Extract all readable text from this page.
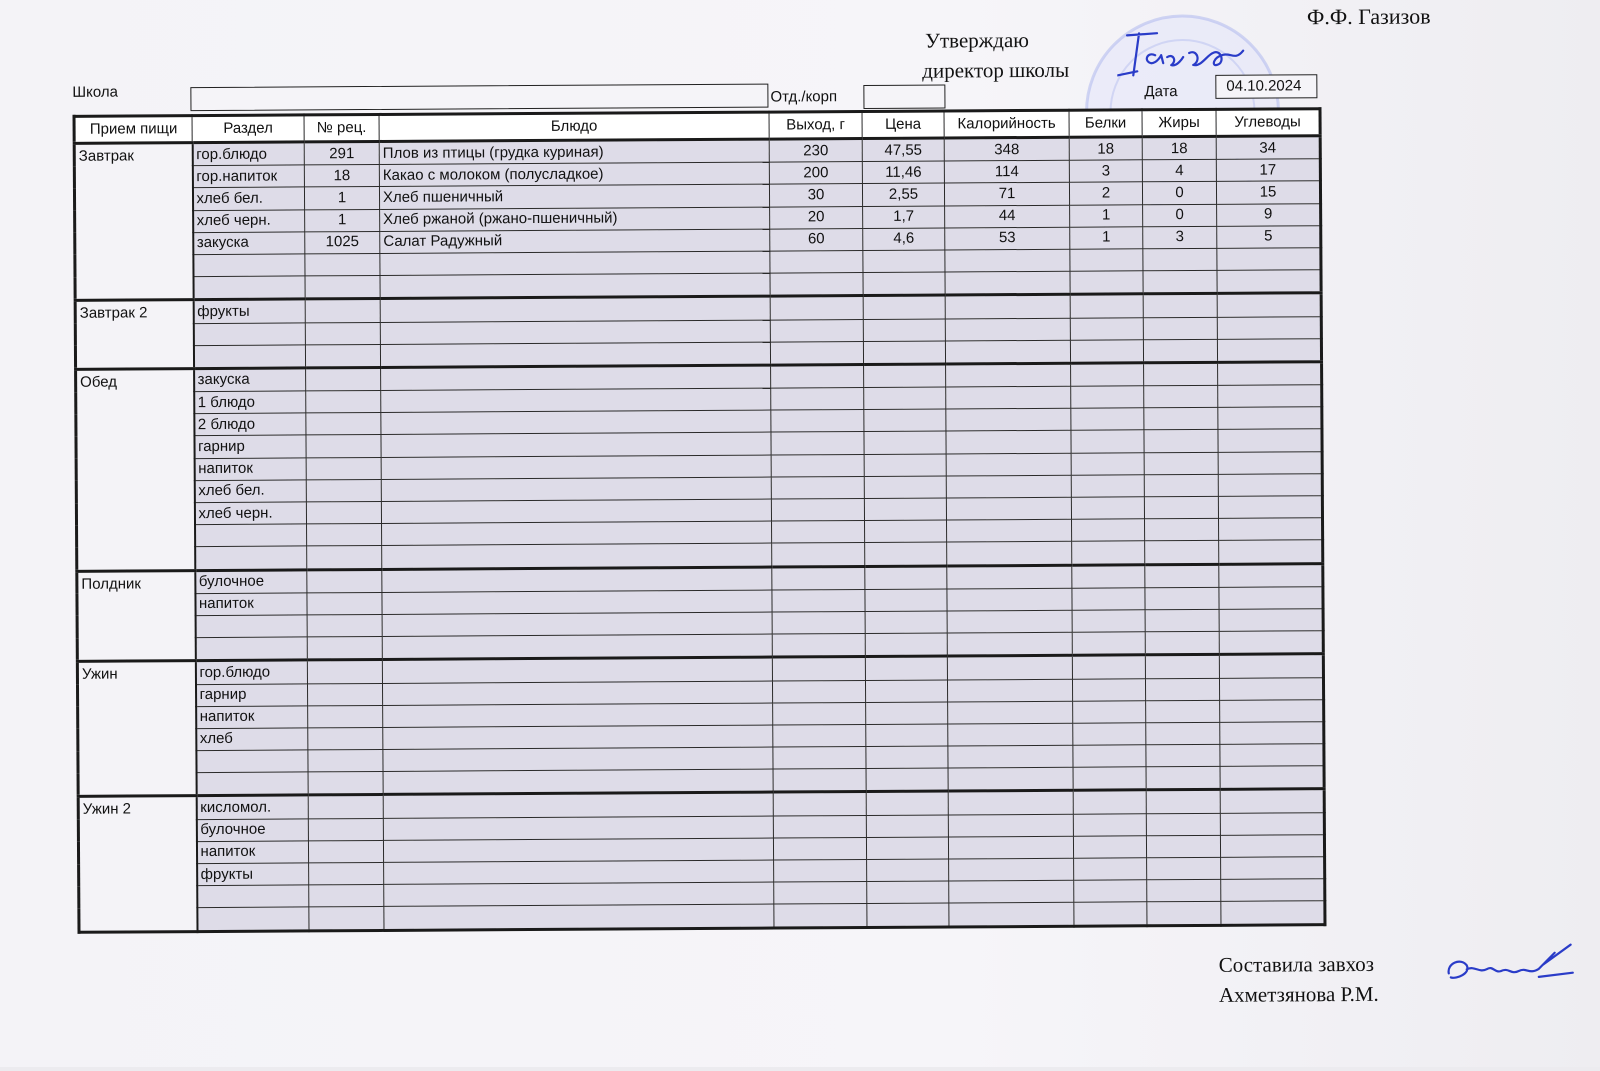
Ф.Ф. Газизов
Утверждаю
директор школы
Школа	Отд./корп	Дата	04.10.2024
Прием пищи	Раздел	№ рец.	Блюдо	Выход, г	Цена	Калорийность	Белки	Жиры	Углеводы
Завтрак	гор.блюдо	291	Плов из птицы (грудка куриная)	230	47,55	348	18	18	34
	гор.напиток	18	Какао с молоком (полусладкое)	200	11,46	114	3	4	17
	хлеб бел.	1	Хлеб пшеничный	30	2,55	71	2	0	15
	хлеб черн.	1	Хлеб ржаной (ржано-пшеничный)	20	1,7	44	1	0	9
	закуска	1025	Салат Радужный	60	4,6	53	1	3	5

Завтрак 2	фрукты								

Обед	закуска								
	1 блюдо								
	2 блюдо								
	гарнир								
	напиток								
	хлеб бел.								
	хлеб черн.								

Полдник	булочное								
	напиток								

Ужин	гор.блюдо								
	гарнир								
	напиток								
	хлеб								

Ужин 2	кисломол.								
	булочное								
	напиток								
	фрукты								

Составила завхоз
Ахметзянова Р.М.
